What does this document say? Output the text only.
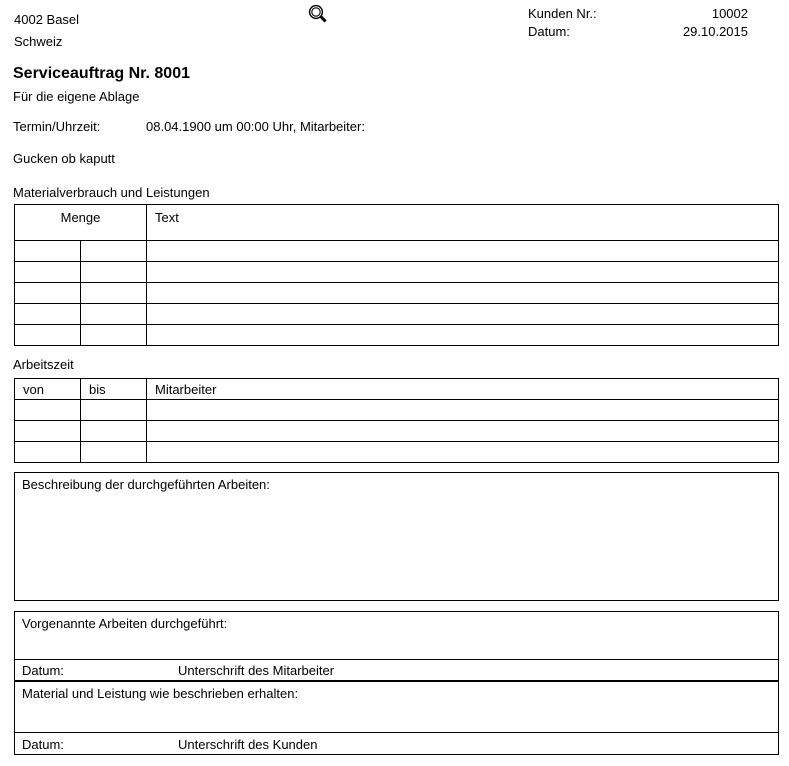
4002 Basel
Schweiz
Kunden Nr.:	10002
Datum:	29.10.2015
Serviceauftrag Nr. 8001
Für die eigene Ablage
Termin/Uhrzeit:	08.04.1900 um 00:00 Uhr, Mitarbeiter:
Gucken ob kaputt
Materialverbrauch und Leistungen
Menge		Text

Arbeitszeit
von	bis	Mitarbeiter

Beschreibung der durchgeführten Arbeiten:
Vorgenannte Arbeiten durchgeführt:
Datum:	Unterschrift des Mitarbeiter
Material und Leistung wie beschrieben erhalten:
Datum:	Unterschrift des Kunden
